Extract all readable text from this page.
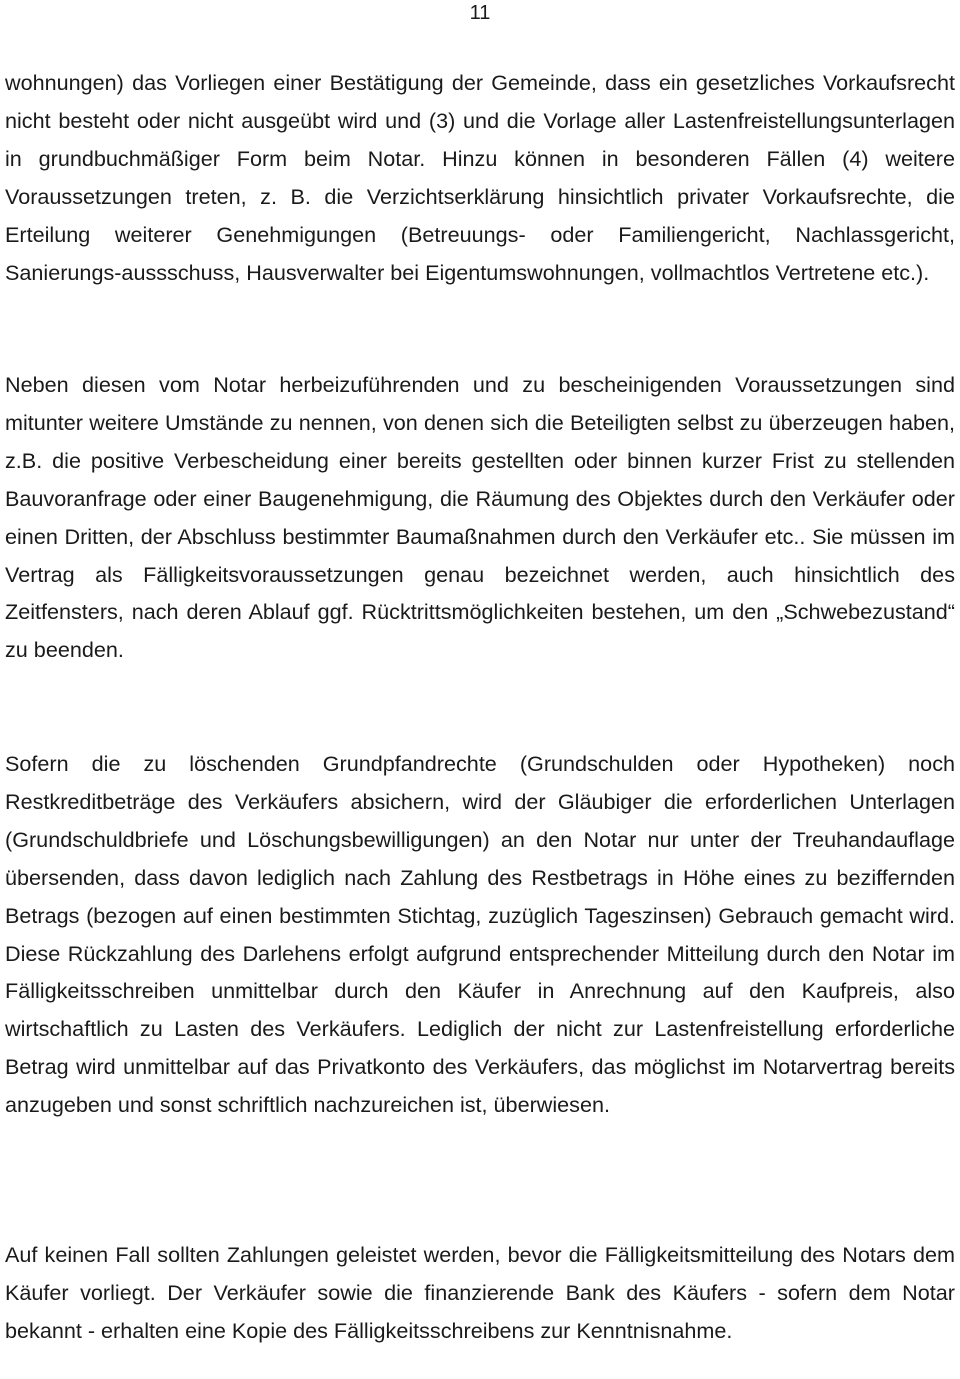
11

wohnungen) das Vorliegen einer Bestätigung der Gemeinde, dass ein gesetzliches Vorkaufsrecht nicht besteht oder nicht ausgeübt wird und (3) und die Vorlage aller Lastenfreistellungsunterlagen in grundbuchmäßiger Form beim Notar. Hinzu können in besonderen Fällen (4) weitere Voraussetzungen treten, z. B. die Verzichtserklärung hinsichtlich privater Vorkaufsrechte, die Erteilung weiterer Genehmigungen (Betreuungs- oder Familiengericht, Nachlassgericht, Sanierungs-aussschuss, Hausverwalter bei Eigentumswohnungen, vollmachtlos Vertretene etc.).

Neben diesen vom Notar herbeizuführenden und zu bescheinigenden Voraussetzungen sind mitunter weitere Umstände zu nennen, von denen sich die Beteiligten selbst zu überzeugen haben, z.B. die positive Verbescheidung einer bereits gestellten oder binnen kurzer Frist zu stellenden Bauvoranfrage oder einer Baugenehmigung, die Räumung des Objektes durch den Verkäufer oder einen Dritten, der Abschluss bestimmter Baumaßnahmen durch den Verkäufer etc.. Sie müssen im Vertrag als Fälligkeitsvoraussetzungen genau bezeichnet werden, auch hinsichtlich des Zeitfensters, nach deren Ablauf ggf. Rücktrittsmöglichkeiten bestehen, um den „Schwebezustand“ zu beenden.

Sofern die zu löschenden Grundpfandrechte (Grundschulden oder Hypotheken) noch Restkreditbeträge des Verkäufers absichern, wird der Gläubiger die erforderlichen Unterlagen (Grundschuldbriefe und Löschungsbewilligungen) an den Notar nur unter der Treuhandauflage übersenden, dass davon lediglich nach Zahlung des Restbetrags in Höhe eines zu beziffernden Betrags (bezogen auf einen bestimmten Stichtag, zuzüglich Tageszinsen) Gebrauch gemacht wird. Diese Rückzahlung des Darlehens erfolgt aufgrund entsprechender Mitteilung durch den Notar im Fälligkeitsschreiben unmittelbar durch den Käufer in Anrechnung auf den Kaufpreis, also wirtschaftlich zu Lasten des Verkäufers. Lediglich der nicht zur Lastenfreistellung erforderliche Betrag wird unmittelbar auf das Privatkonto des Verkäufers, das möglichst im Notarvertrag bereits anzugeben und sonst schriftlich nachzureichen ist, überwiesen.

Auf keinen Fall sollten Zahlungen geleistet werden, bevor die Fälligkeitsmitteilung des Notars dem Käufer vorliegt. Der Verkäufer sowie die finanzierende Bank des Käufers - sofern dem Notar bekannt - erhalten eine Kopie des Fälligkeitsschreibens zur Kenntnisnahme.
